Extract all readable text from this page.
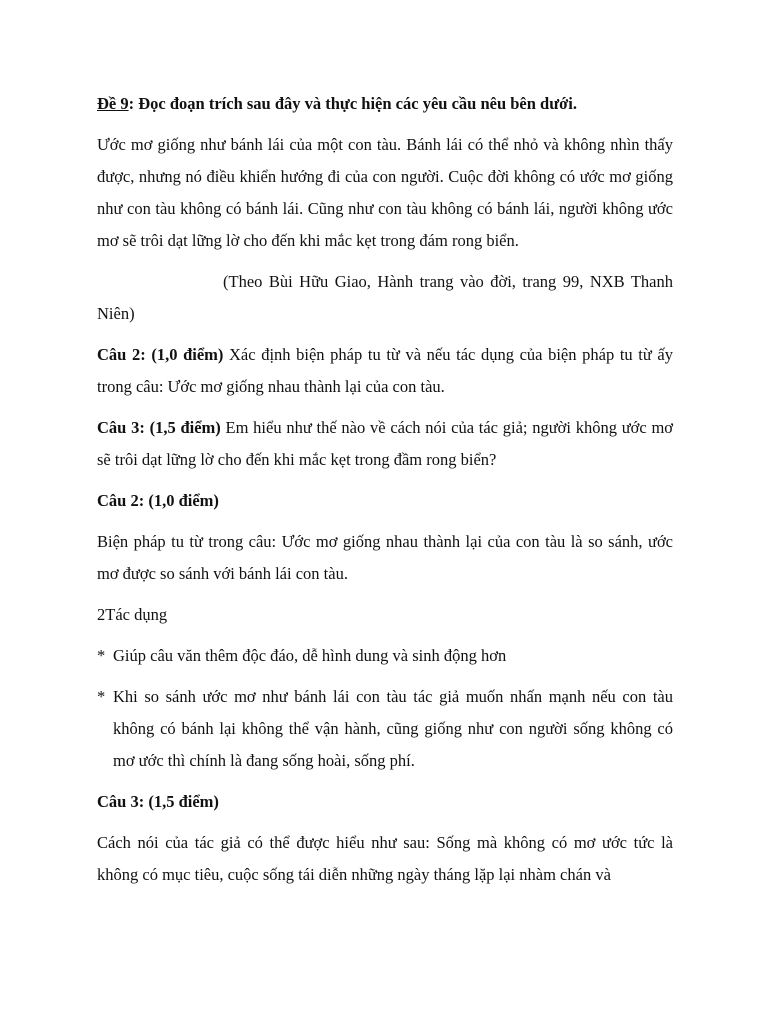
Đề 9: Đọc đoạn trích sau đây và thực hiện các yêu cầu nêu bên dưới.

Ước mơ giống như bánh lái của một con tàu. Bánh lái có thể nhỏ và không nhìn thấy được, nhưng nó điều khiển hướng đi của con người. Cuộc đời không có ước mơ giống như con tàu không có bánh lái. Cũng như con tàu không có bánh lái, người không ước mơ sẽ trôi dạt lững lờ cho đến khi mắc kẹt trong đám rong biển.

(Theo Bùi Hữu Giao, Hành trang vào đời, trang 99, NXB Thanh Niên)

Câu 2: (1,0 điểm) Xác định biện pháp tu từ và nếu tác dụng của biện pháp tu từ ấy trong câu: Ước mơ giống nhau thành lại của con tàu.

Câu 3: (1,5 điểm) Em hiểu như thế nào về cách nói của tác giả; người không ước mơ sẽ trôi dạt lững lờ cho đến khi mắc kẹt trong đầm rong biển?

Câu 2: (1,0 điểm)

Biện pháp tu từ trong câu: Ước mơ giống nhau thành lại của con tàu là so sánh, ước mơ được so sánh với bánh lái con tàu.

2Tác dụng

* Giúp câu văn thêm độc đáo, dễ hình dung và sinh động hơn

* Khi so sánh ước mơ như bánh lái con tàu tác giả muốn nhấn mạnh nếu con tàu không có bánh lại không thể vận hành, cũng giống như con người sống không có mơ ước thì chính là đang sống hoài, sống phí.

Câu 3: (1,5 điểm)

Cách nói của tác giả có thể được hiểu như sau: Sống mà không có mơ ước tức là không có mục tiêu, cuộc sống tái diễn những ngày tháng lặp lại nhàm chán và
